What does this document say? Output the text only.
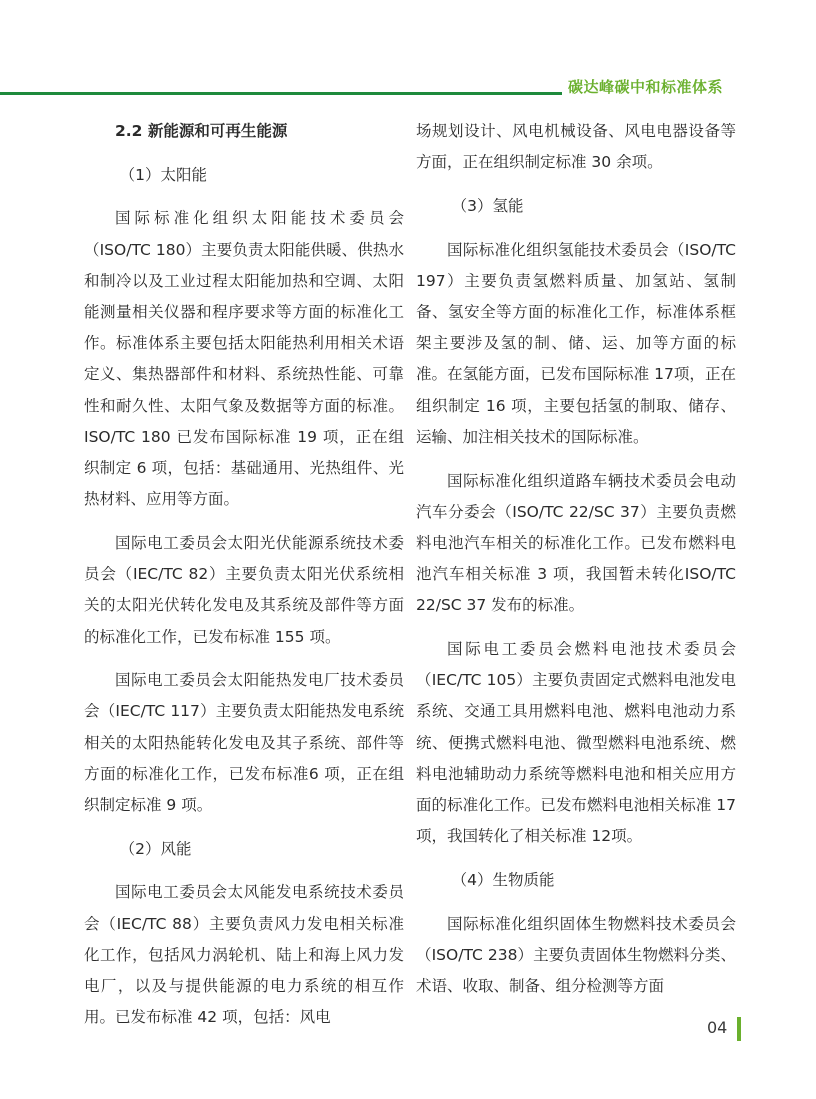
碳达峰碳中和标准体系

2.2 新能源和可再生能源

（1）太阳能

国际标准化组织太阳能技术委员会（ISO/TC 180）主要负责太阳能供暖、供热水和制冷以及工业过程太阳能加热和空调、太阳能测量相关仪器和程序要求等方面的标准化工作。标准体系主要包括太阳能热利用相关术语定义、集热器部件和材料、系统热性能、可靠性和耐久性、太阳气象及数据等方面的标准。ISO/TC 180 已发布国际标准 19 项，正在组织制定 6 项，包括：基础通用、光热组件、光热材料、应用等方面。

国际电工委员会太阳光伏能源系统技术委员会（IEC/TC 82）主要负责太阳光伏系统相关的太阳光伏转化发电及其系统及部件等方面的标准化工作，已发布标准 155 项。

国际电工委员会太阳能热发电厂技术委员会（IEC/TC 117）主要负责太阳能热发电系统相关的太阳热能转化发电及其子系统、部件等方面的标准化工作，已发布标准6 项，正在组织制定标准 9 项。

（2）风能

国际电工委员会太风能发电系统技术委员会（IEC/TC 88）主要负责风力发电相关标准化工作，包括风力涡轮机、陆上和海上风力发电厂，以及与提供能源的电力系统的相互作用。已发布标准 42 项，包括：风电

场规划设计、风电机械设备、风电电器设备等方面，正在组织制定标准 30 余项。

（3）氢能

国际标准化组织氢能技术委员会（ISO/TC 197）主要负责氢燃料质量、加氢站、氢制备、氢安全等方面的标准化工作，标准体系框架主要涉及氢的制、储、运、加等方面的标准。在氢能方面，已发布国际标准 17项，正在组织制定 16 项，主要包括氢的制取、储存、运输、加注相关技术的国际标准。

国际标准化组织道路车辆技术委员会电动汽车分委会（ISO/TC 22/SC 37）主要负责燃料电池汽车相关的标准化工作。已发布燃料电池汽车相关标准 3 项，我国暂未转化ISO/TC 22/SC 37 发布的标准。

国际电工委员会燃料电池技术委员会（IEC/TC 105）主要负责固定式燃料电池发电系统、交通工具用燃料电池、燃料电池动力系统、便携式燃料电池、微型燃料电池系统、燃料电池辅助动力系统等燃料电池和相关应用方面的标准化工作。已发布燃料电池相关标准 17 项，我国转化了相关标准 12项。

（4）生物质能

国际标准化组织固体生物燃料技术委员会（ISO/TC 238）主要负责固体生物燃料分类、术语、收取、制备、组分检测等方面

04
